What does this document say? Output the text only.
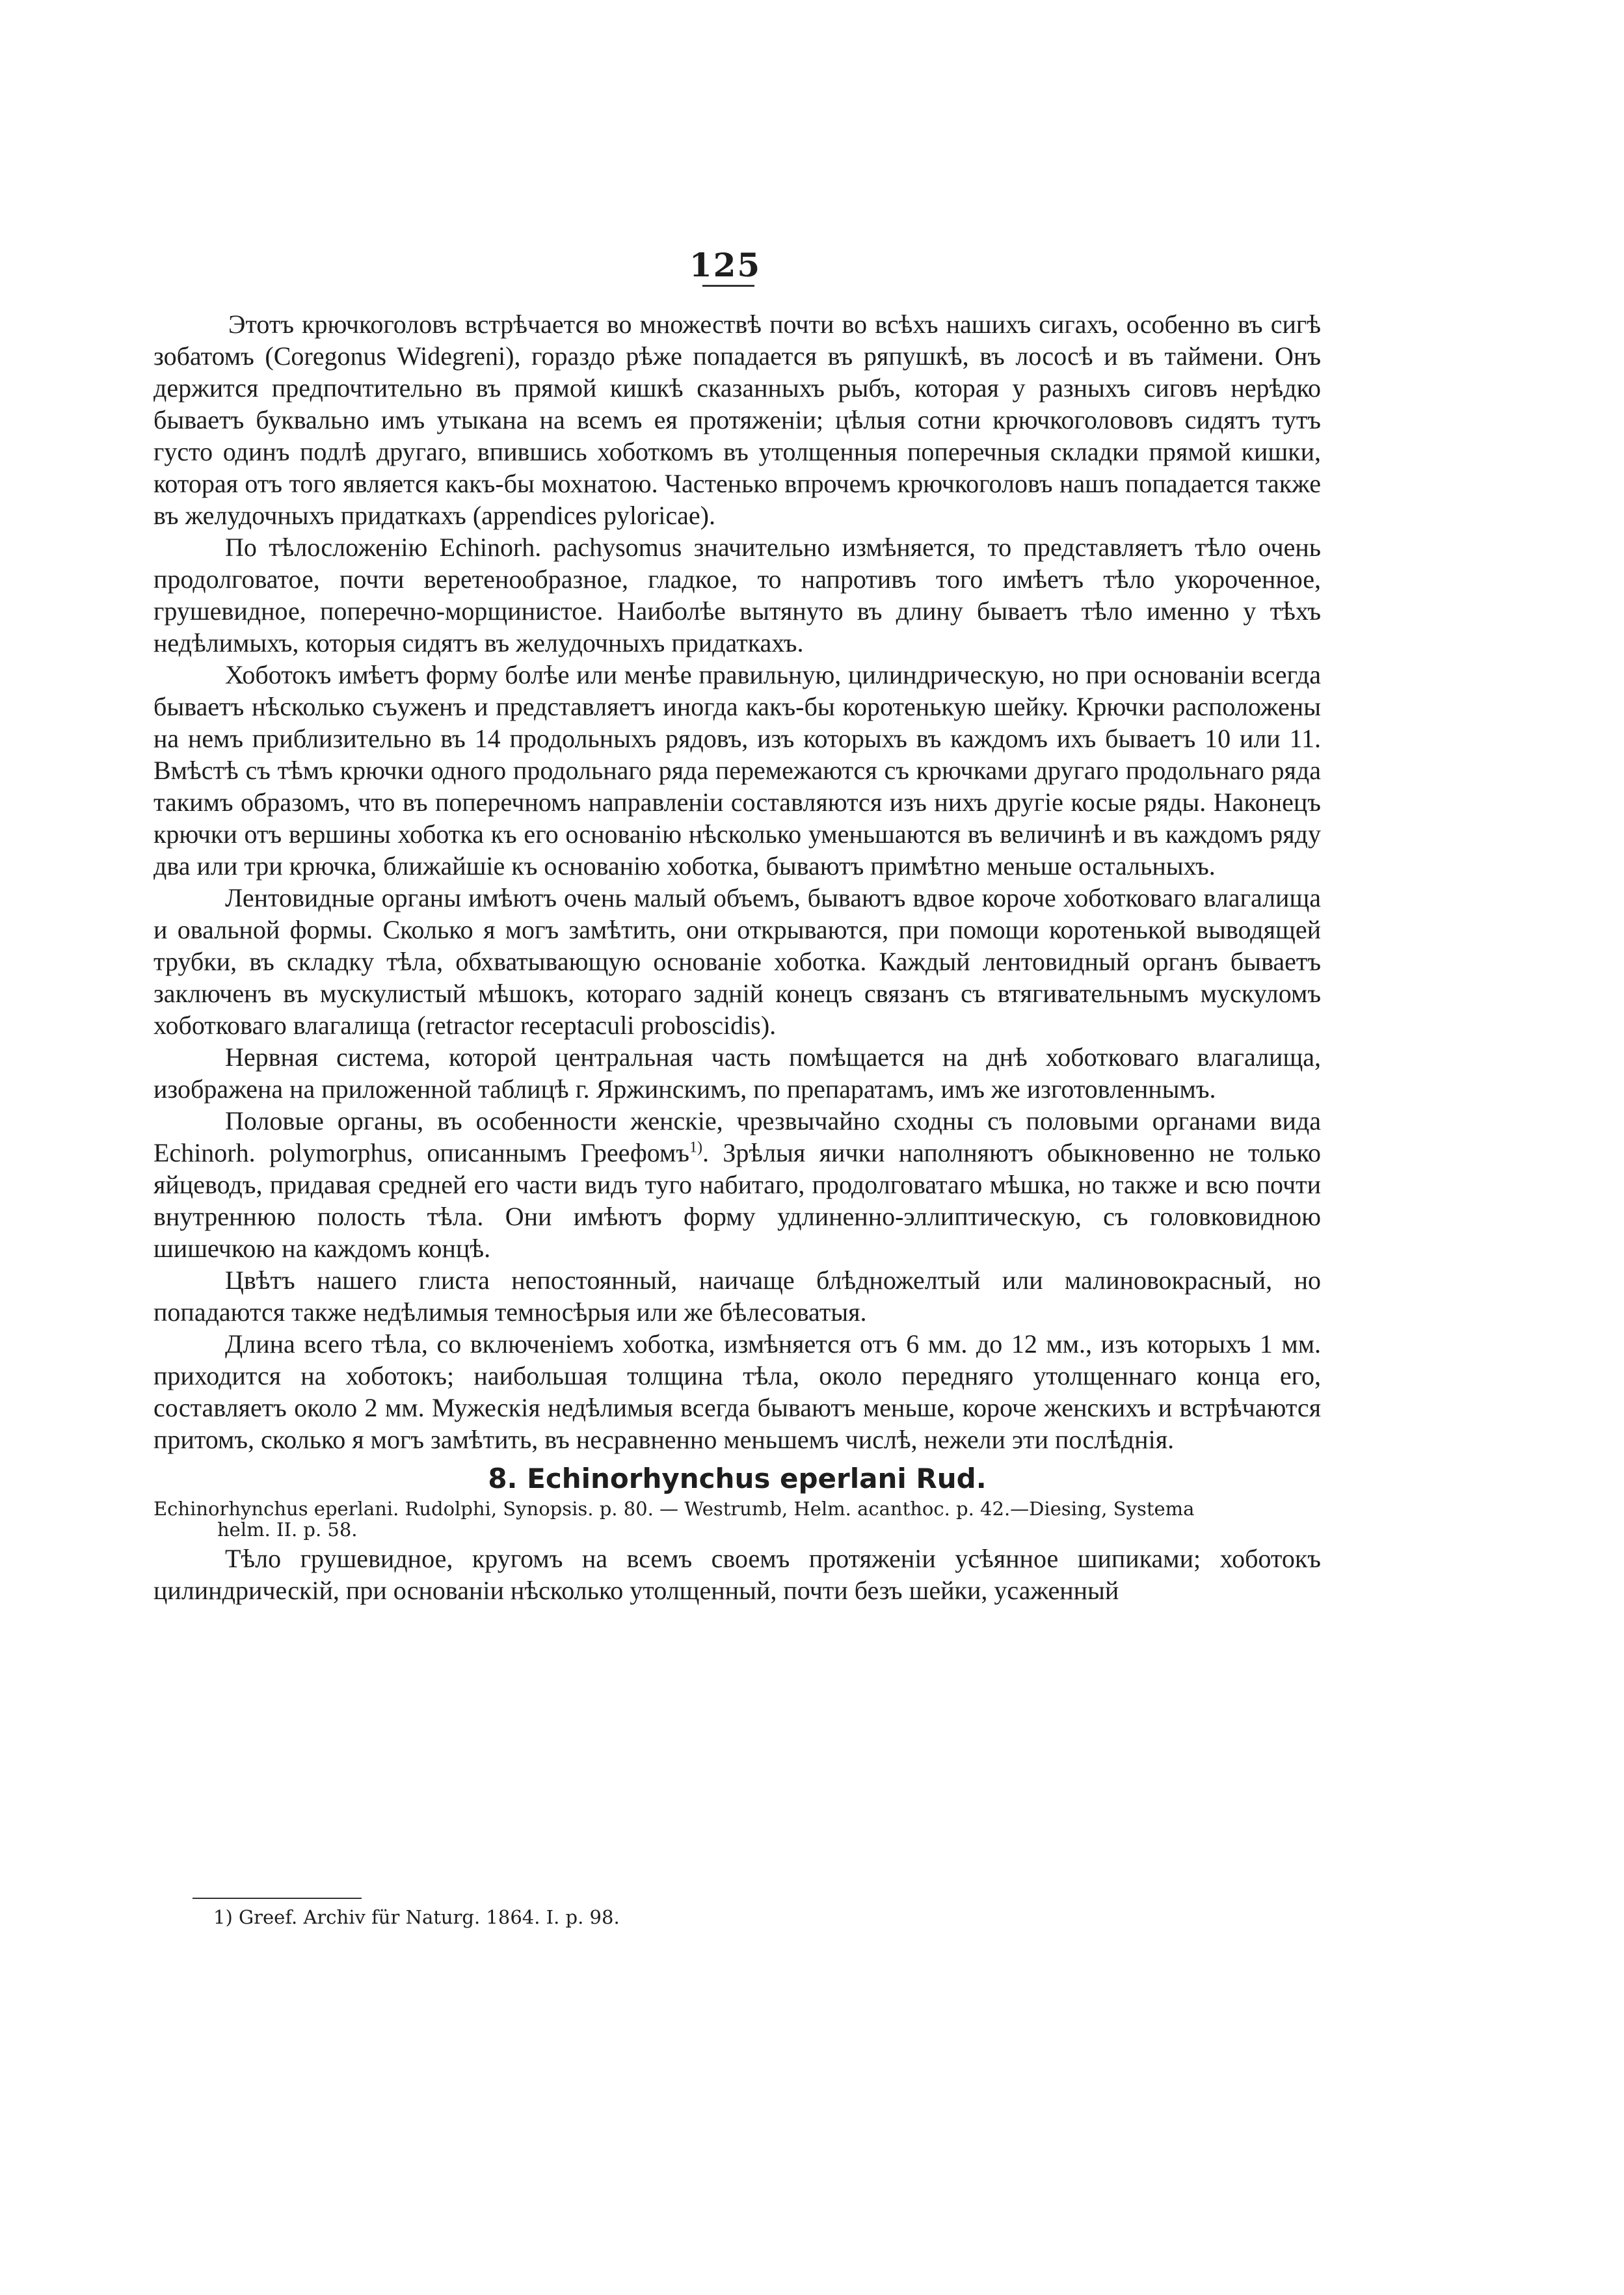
125

Этотъ крючкоголовъ встрѣчается во множествѣ почти во всѣхъ нашихъ сигахъ, особенно въ сигѣ зобатомъ (Coregonus Widegreni), гораздо рѣже попадается въ ряпушкѣ, въ лососѣ и въ таймени. Онъ держится предпочтительно въ прямой кишкѣ сказанныхъ рыбъ, которая у разныхъ сиговъ нерѣдко бываетъ буквально имъ утыкана на всемъ ея протяженіи; цѣлыя сотни крючкоголововъ сидятъ тутъ густо одинъ подлѣ другаго, впившись хоботкомъ въ утолщенныя поперечныя складки прямой кишки, которая отъ того является какъ-бы мохнатою. Частенько впрочемъ крючкоголовъ нашъ попадается также въ желудочныхъ придаткахъ (appendices pyloricae).

По тѣлосложенію Echinorh. pachysomus значительно измѣняется, то представляетъ тѣло очень продолговатое, почти веретенообразное, гладкое, то напротивъ того имѣетъ тѣло укороченное, грушевидное, поперечно-морщинистое. Наиболѣе вытянуто въ длину бываетъ тѣло именно у тѣхъ недѣлимыхъ, которыя сидятъ въ желудочныхъ придаткахъ.

Хоботокъ имѣетъ форму болѣе или менѣе правильную, цилиндрическую, но при основаніи всегда бываетъ нѣсколько съуженъ и представляетъ иногда какъ-бы коротенькую шейку. Крючки расположены на немъ приблизительно въ 14 продольныхъ рядовъ, изъ которыхъ въ каждомъ ихъ бываетъ 10 или 11. Вмѣстѣ съ тѣмъ крючки одного продольнаго ряда перемежаются съ крючками другаго продольнаго ряда такимъ образомъ, что въ поперечномъ направленіи составляются изъ нихъ другіе косые ряды. Наконецъ крючки отъ вершины хоботка къ его основанію нѣсколько уменьшаются въ величинѣ и въ каждомъ ряду два или три крючка, ближайшіе къ основанію хоботка, бываютъ примѣтно меньше остальныхъ.

Лентовидные органы имѣютъ очень малый объемъ, бываютъ вдвое короче хоботковаго влагалища и овальной формы. Сколько я могъ замѣтить, они открываются, при помощи коротенькой выводящей трубки, въ складку тѣла, обхватывающую основаніе хоботка. Каждый лентовидный органъ бываетъ заключенъ въ мускулистый мѣшокъ, котораго задній конецъ связанъ съ втягивательнымъ мускуломъ хоботковаго влагалища (retractor receptaculi proboscidis).

Нервная система, которой центральная часть помѣщается на днѣ хоботковаго влагалища, изображена на приложенной таблицѣ г. Яржинскимъ, по препаратамъ, имъ же изготовленнымъ.

Половые органы, въ особенности женскіе, чрезвычайно сходны съ половыми органами вида Echinorh. polymorphus, описаннымъ Греефомъ$^{1)}$. Зрѣлыя яички наполняютъ обыкновенно не только яйцеводъ, придавая средней его части видъ туго набитаго, продолговатаго мѣшка, но также и всю почти внутреннюю полость тѣла. Они имѣютъ форму удлиненно-эллиптическую, съ головковидною шишечкою на каждомъ концѣ.

Цвѣтъ нашего глиста непостоянный, наичаще блѣдножелтый или малиновокрасный, но попадаются также недѣлимыя темносѣрыя или же бѣлесоватыя.

Длина всего тѣла, со включеніемъ хоботка, измѣняется отъ 6 мм. до 12 мм., изъ которыхъ 1 мм. приходится на хоботокъ; наибольшая толщина тѣла, около передняго утолщеннаго конца его, составляетъ около 2 мм. Мужескія недѣлимыя всегда бываютъ меньше, короче женскихъ и встрѣчаются притомъ, сколько я могъ замѣтить, въ несравненно меньшемъ числѣ, нежели эти послѣднія.

8. Echinorhynchus eperlani Rud.
Echinorhynchus eperlani. Rudolphi, Synopsis. p. 80. — Westrumb, Helm. acanthoc. p. 42.—Diesing, Systema
helm. II. p. 58.

Тѣло грушевидное, кругомъ на всемъ своемъ протяженіи усѣянное шипиками; хоботокъ цилиндрическій, при основаніи нѣсколько утолщенный, почти безъ шейки, усаженный

1) Greef. Archiv für Naturg. 1864. I. p. 98.
